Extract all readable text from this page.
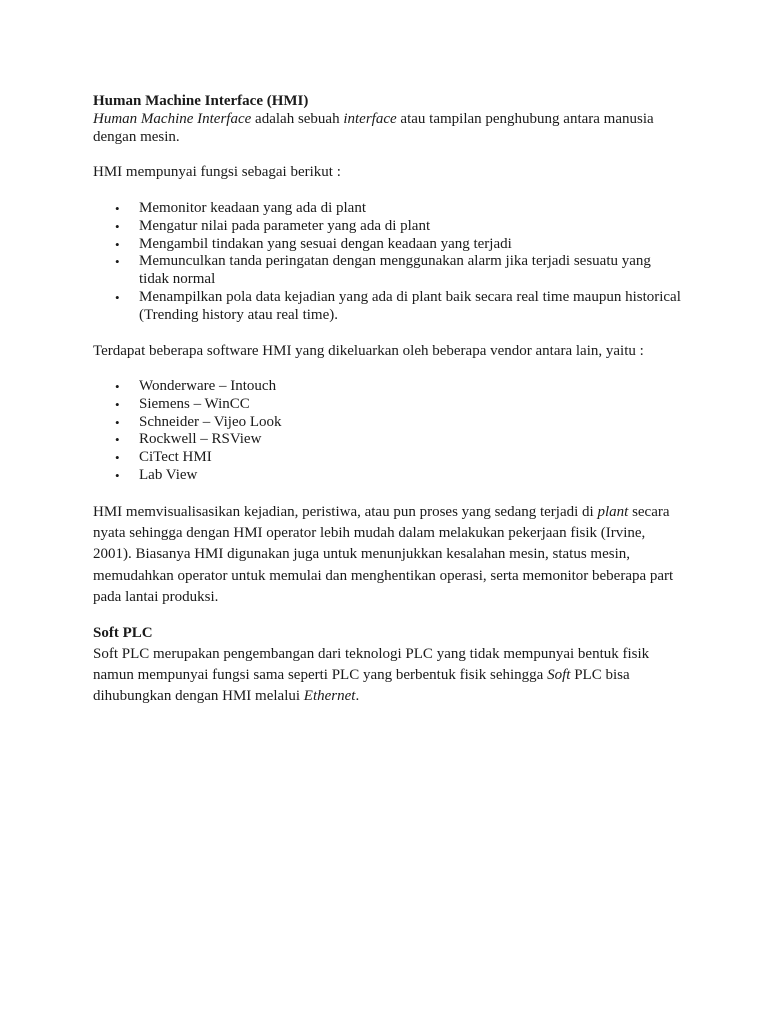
Human Machine Interface (HMI)

Human Machine Interface adalah sebuah interface atau tampilan penghubung antara manusia dengan mesin.

HMI mempunyai fungsi sebagai berikut :

• Memonitor keadaan yang ada di plant
• Mengatur nilai pada parameter yang ada di plant
• Mengambil tindakan yang sesuai dengan keadaan yang terjadi
• Memunculkan tanda peringatan dengan menggunakan alarm jika terjadi sesuatu yang tidak normal
• Menampilkan pola data kejadian yang ada di plant baik secara real time maupun historical (Trending history atau real time).

Terdapat beberapa software HMI yang dikeluarkan oleh beberapa vendor antara lain, yaitu :

• Wonderware – Intouch
• Siemens – WinCC
• Schneider – Vijeo Look
• Rockwell – RSView
• CiTect HMI
• Lab View

HMI memvisualisasikan kejadian, peristiwa, atau pun proses yang sedang terjadi di plant secara nyata sehingga dengan HMI operator lebih mudah dalam melakukan pekerjaan fisik (Irvine, 2001). Biasanya HMI digunakan juga untuk menunjukkan kesalahan mesin, status mesin, memudahkan operator untuk memulai dan menghentikan operasi, serta memonitor beberapa part pada lantai produksi.

Soft PLC

Soft PLC merupakan pengembangan dari teknologi PLC yang tidak mempunyai bentuk fisik namun mempunyai fungsi sama seperti PLC yang berbentuk fisik sehingga Soft PLC bisa dihubungkan dengan HMI melalui Ethernet.
